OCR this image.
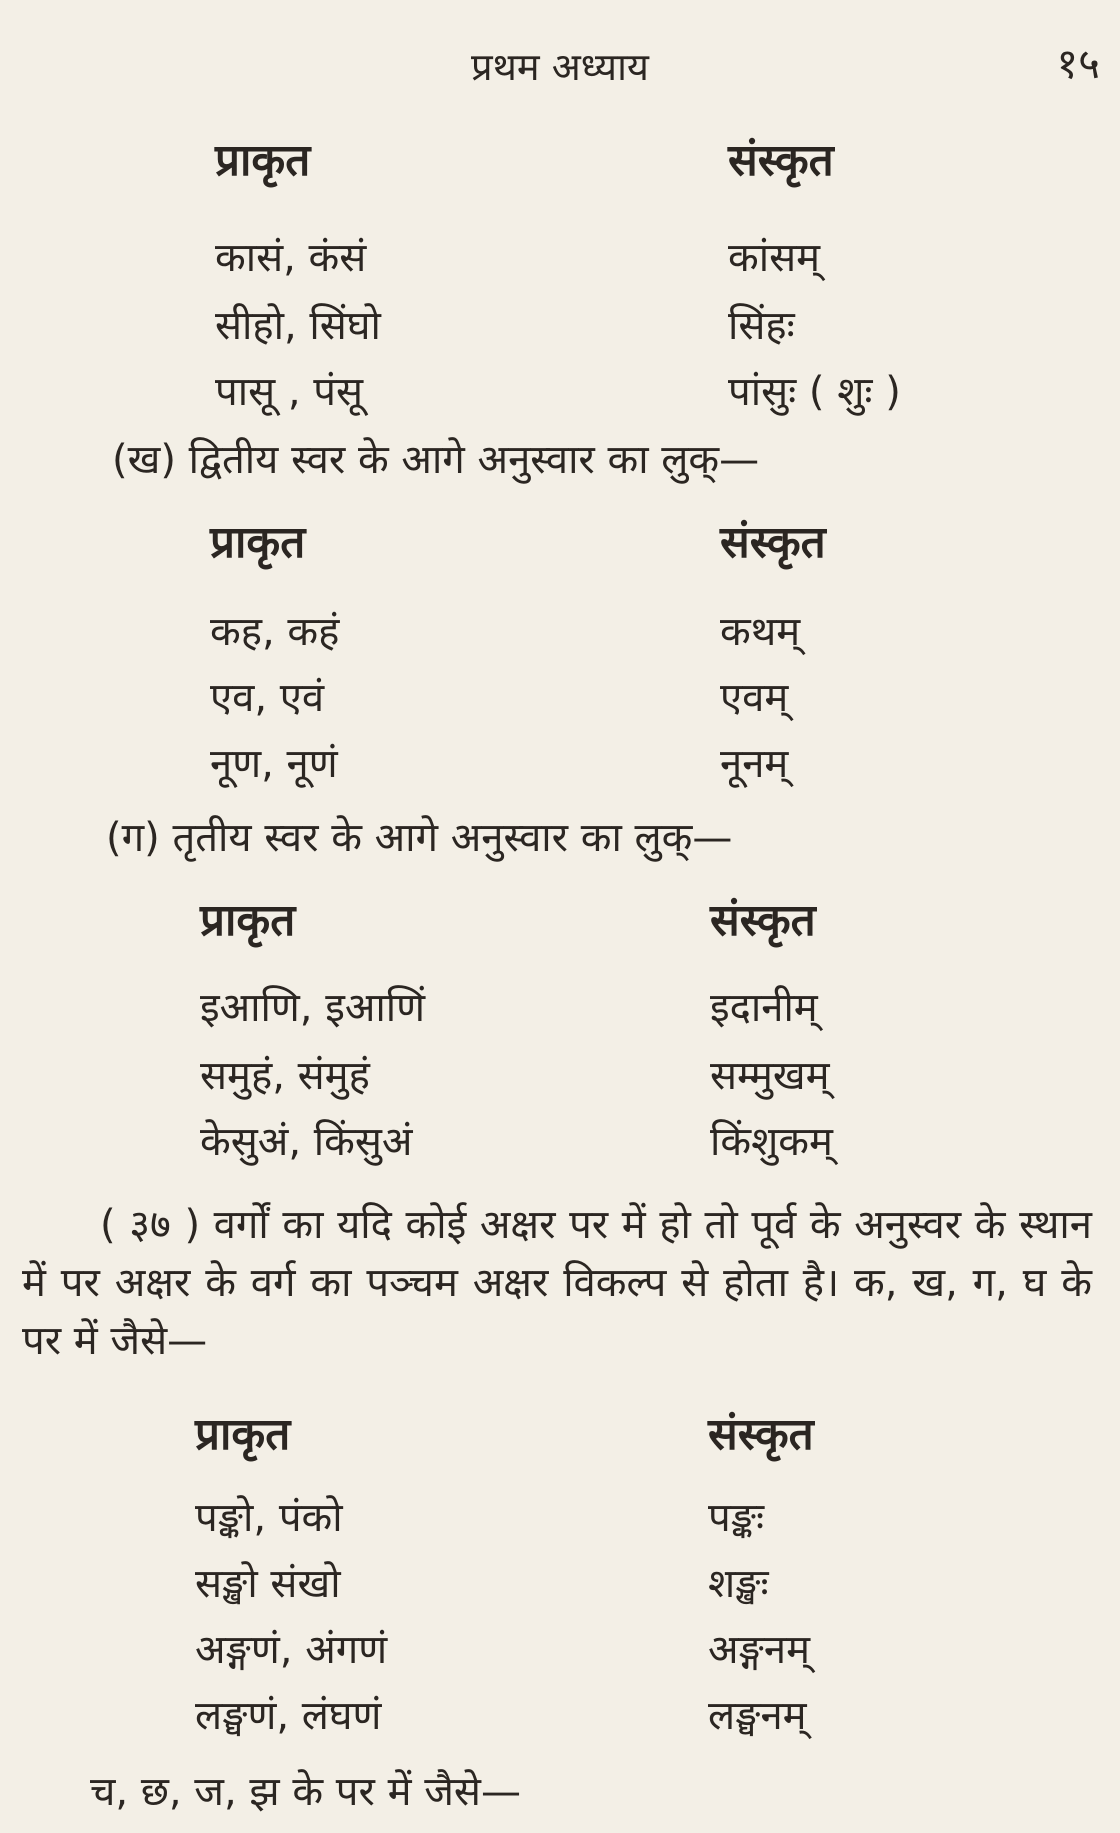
प्रथम अध्याय	१५
प्राकृत	संस्कृत
कासं, कंसं	कांसम्
सीहो, सिंघो	सिंहः
पासू , पंसू	पांसुः ( शुः )
(ख) द्वितीय स्वर के आगे अनुस्वार का लुक्—
प्राकृत	संस्कृत
कह, कहं	कथम्
एव, एवं	एवम्
नूण, नूणं	नूनम्
(ग) तृतीय स्वर के आगे अनुस्वार का लुक्—
प्राकृत	संस्कृत
इआणि, इआणिं	इदानीम्
समुहं, संमुहं	सम्मुखम्
केसुअं, किंसुअं	किंशुकम्
( ३७ ) वर्गों का यदि कोई अक्षर पर में हो तो पूर्व के अनुस्वर के स्थान में पर अक्षर के वर्ग का पञ्चम अक्षर विकल्प से होता है। क, ख, ग, घ के पर में जैसे—
प्राकृत	संस्कृत
पङ्को, पंको	पङ्कः
सङ्खो संखो	शङ्खः
अङ्गणं, अंगणं	अङ्गनम्
लङ्घणं, लंघणं	लङ्घनम्
च, छ, ज, झ के पर में जैसे—
